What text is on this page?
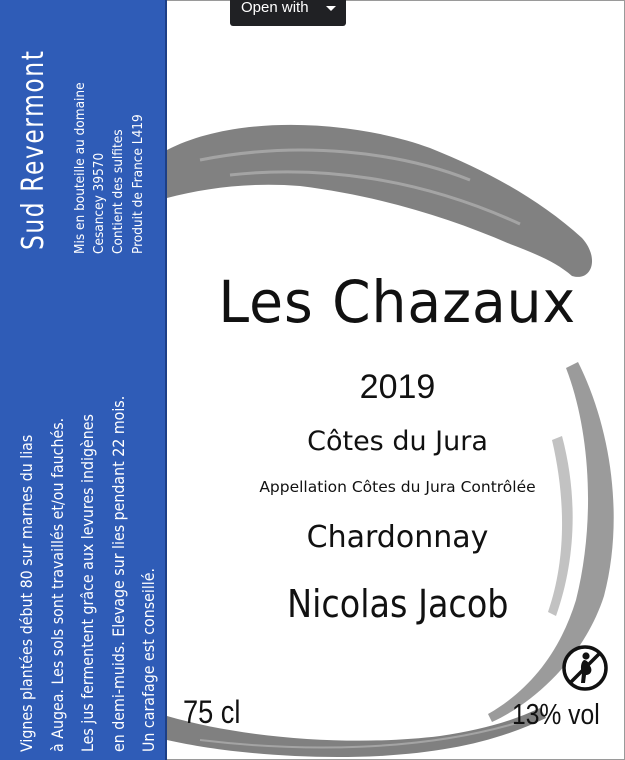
Sud Revermont Mis en bouteille au domaine Cesancey 39570 Contient des sulfites Produit de France L419
Vignes plantées début 80 sur marnes du lias à Augea. Les sols sont travaillés et/ou fauchés. Les jus fermentent grâce aux levures indigènes en demi-muids. Elevage sur lies pendant 22 mois. Un carafage est conseillé.
Les Chazaux
2019
Côtes du Jura
Appellation Côtes du Jura Contrôlée
Chardonnay
Nicolas Jacob
75 cl	13% vol
Open with
